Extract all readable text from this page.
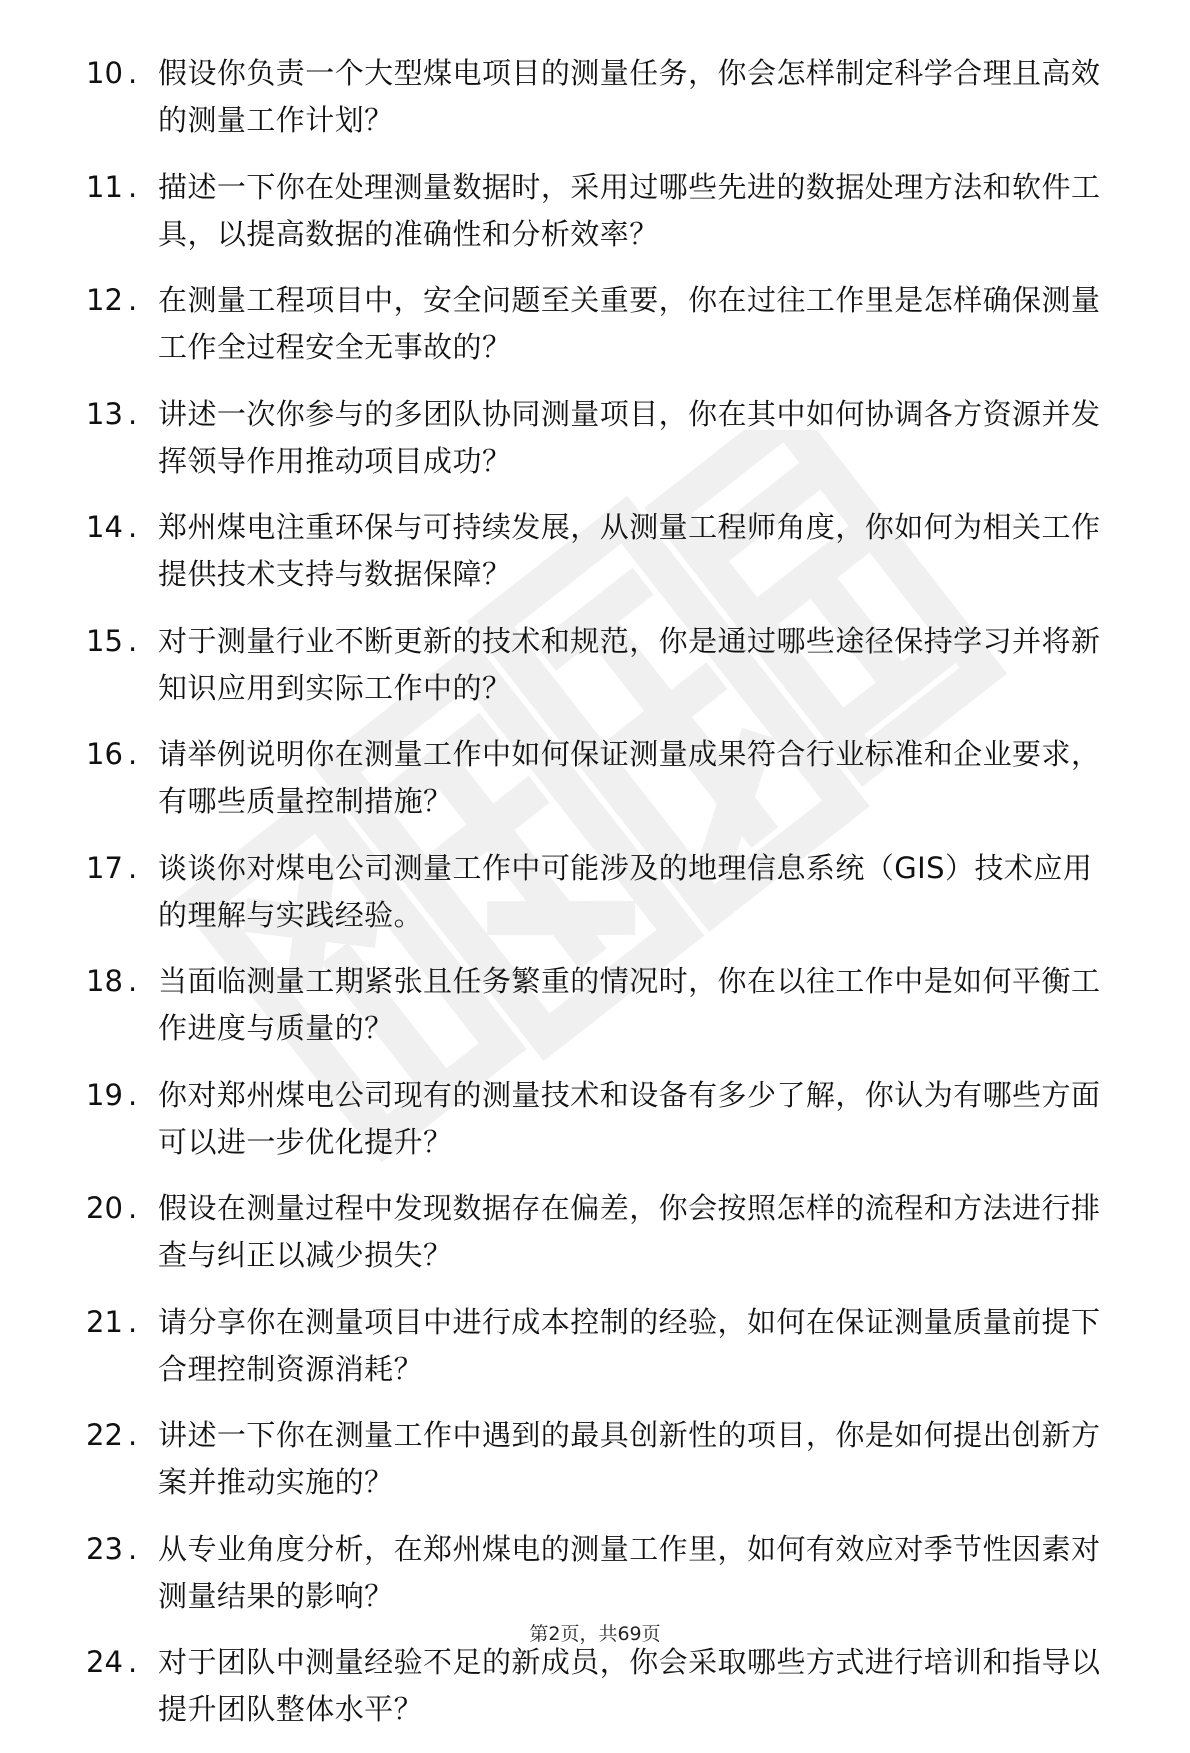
10 . 假设你负责一个大型煤电项目的测量任务，你会怎样制定科学合理且高效的测量工作计划？
11 . 描述一下你在处理测量数据时，采用过哪些先进的数据处理方法和软件工具，以提高数据的准确性和分析效率？
12 . 在测量工程项目中，安全问题至关重要，你在过往工作里是怎样确保测量工作全过程安全无事故的？
13 . 讲述一次你参与的多团队协同测量项目，你在其中如何协调各方资源并发挥领导作用推动项目成功？
14 . 郑州煤电注重环保与可持续发展，从测量工程师角度，你如何为相关工作提供技术支持与数据保障？
15 . 对于测量行业不断更新的技术和规范，你是通过哪些途径保持学习并将新知识应用到实际工作中的？
16 . 请举例说明你在测量工作中如何保证测量成果符合行业标准和企业要求，有哪些质量控制措施？
17 . 谈谈你对煤电公司测量工作中可能涉及的地理信息系统（GIS）技术应用的理解与实践经验。
18 . 当面临测量工期紧张且任务繁重的情况时，你在以往工作中是如何平衡工作进度与质量的？
19 . 你对郑州煤电公司现有的测量技术和设备有多少了解，你认为有哪些方面可以进一步优化提升？
20 . 假设在测量过程中发现数据存在偏差，你会按照怎样的流程和方法进行排查与纠正以减少损失？
21 . 请分享你在测量项目中进行成本控制的经验，如何在保证测量质量前提下合理控制资源消耗？
22 . 讲述一下你在测量工作中遇到的最具创新性的项目，你是如何提出创新方案并推动实施的？
23 . 从专业角度分析，在郑州煤电的测量工作里，如何有效应对季节性因素对测量结果的影响？
24 . 对于团队中测量经验不足的新成员，你会采取哪些方式进行培训和指导以提升团队整体水平？
第2页，共69页
